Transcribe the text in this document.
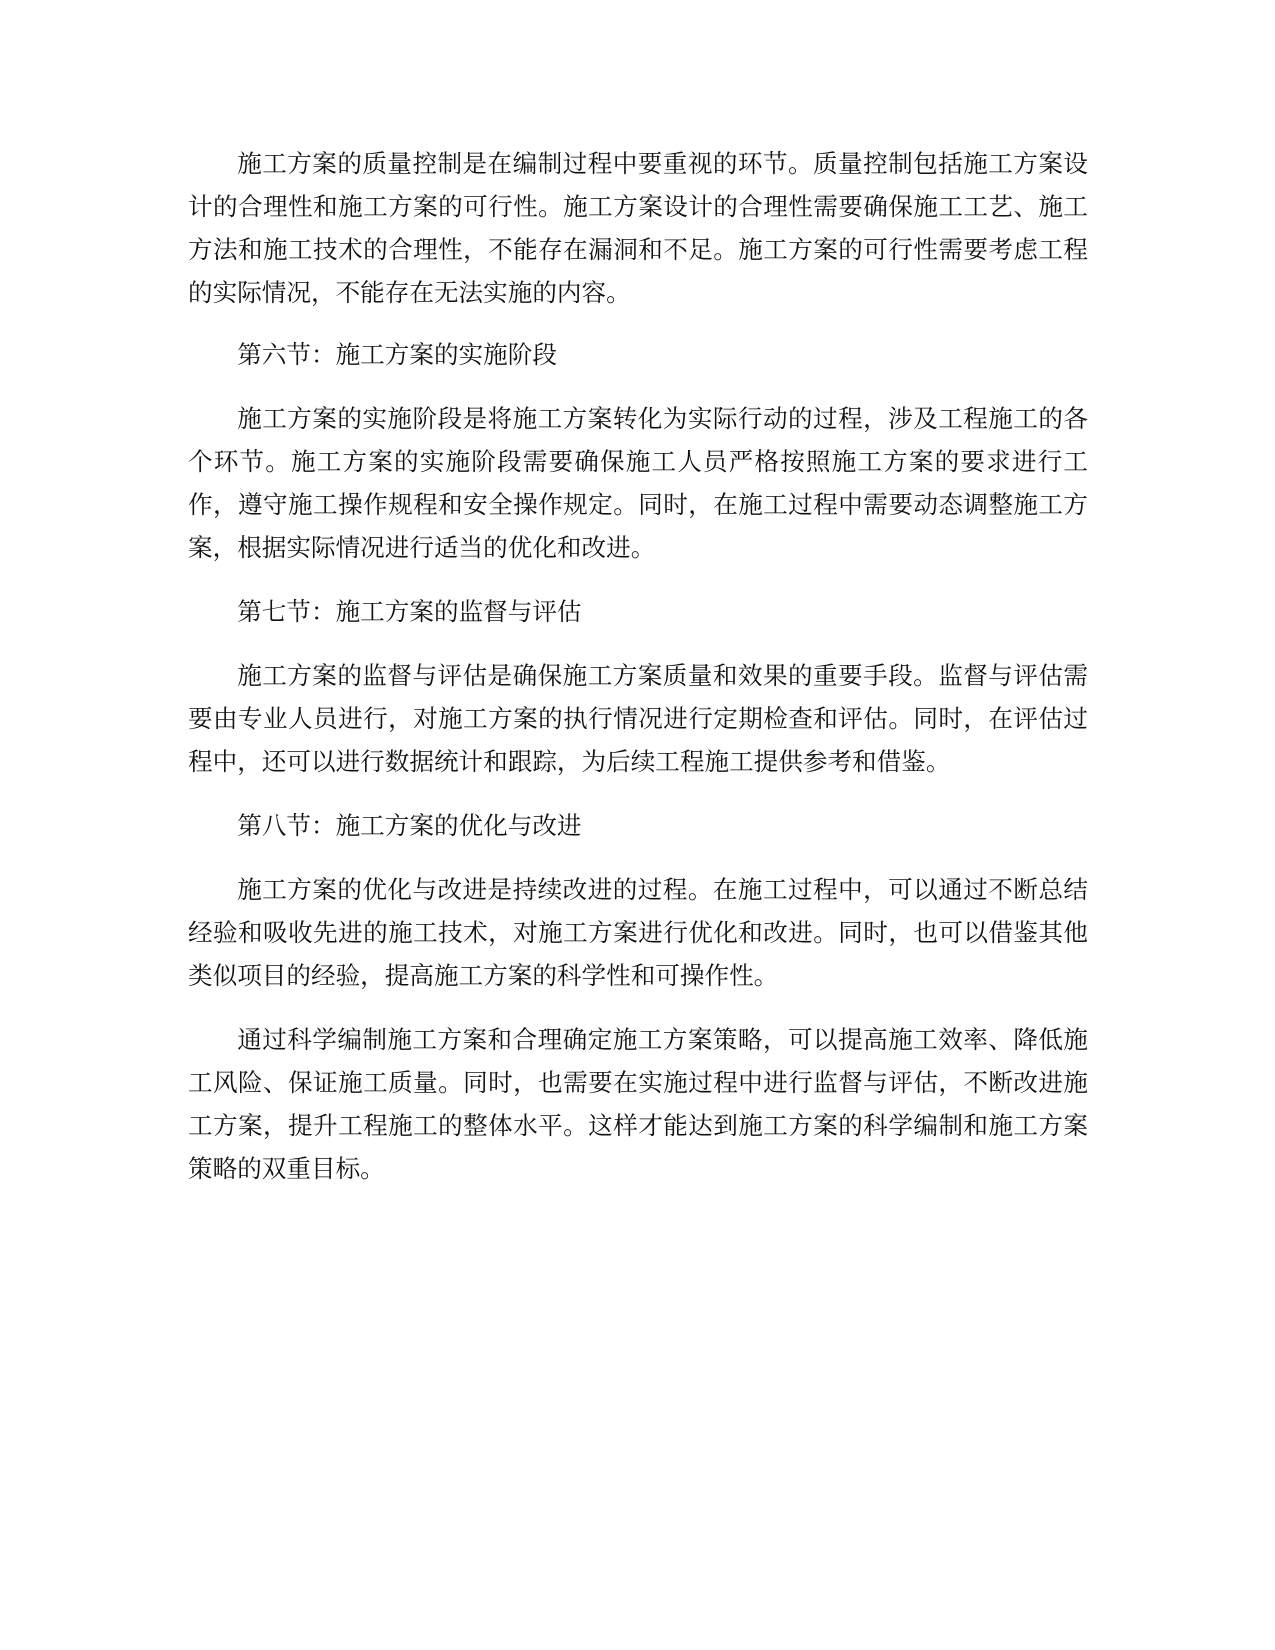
施工方案的质量控制是在编制过程中要重视的环节。质量控制包括施工方案设计的合理性和施工方案的可行性。施工方案设计的合理性需要确保施工工艺、施工方法和施工技术的合理性，不能存在漏洞和不足。施工方案的可行性需要考虑工程的实际情况，不能存在无法实施的内容。

第六节：施工方案的实施阶段

施工方案的实施阶段是将施工方案转化为实际行动的过程，涉及工程施工的各个环节。施工方案的实施阶段需要确保施工人员严格按照施工方案的要求进行工作，遵守施工操作规程和安全操作规定。同时，在施工过程中需要动态调整施工方案，根据实际情况进行适当的优化和改进。

第七节：施工方案的监督与评估

施工方案的监督与评估是确保施工方案质量和效果的重要手段。监督与评估需要由专业人员进行，对施工方案的执行情况进行定期检查和评估。同时，在评估过程中，还可以进行数据统计和跟踪，为后续工程施工提供参考和借鉴。

第八节：施工方案的优化与改进

施工方案的优化与改进是持续改进的过程。在施工过程中，可以通过不断总结经验和吸收先进的施工技术，对施工方案进行优化和改进。同时，也可以借鉴其他类似项目的经验，提高施工方案的科学性和可操作性。

通过科学编制施工方案和合理确定施工方案策略，可以提高施工效率、降低施工风险、保证施工质量。同时，也需要在实施过程中进行监督与评估，不断改进施工方案，提升工程施工的整体水平。这样才能达到施工方案的科学编制和施工方案策略的双重目标。
